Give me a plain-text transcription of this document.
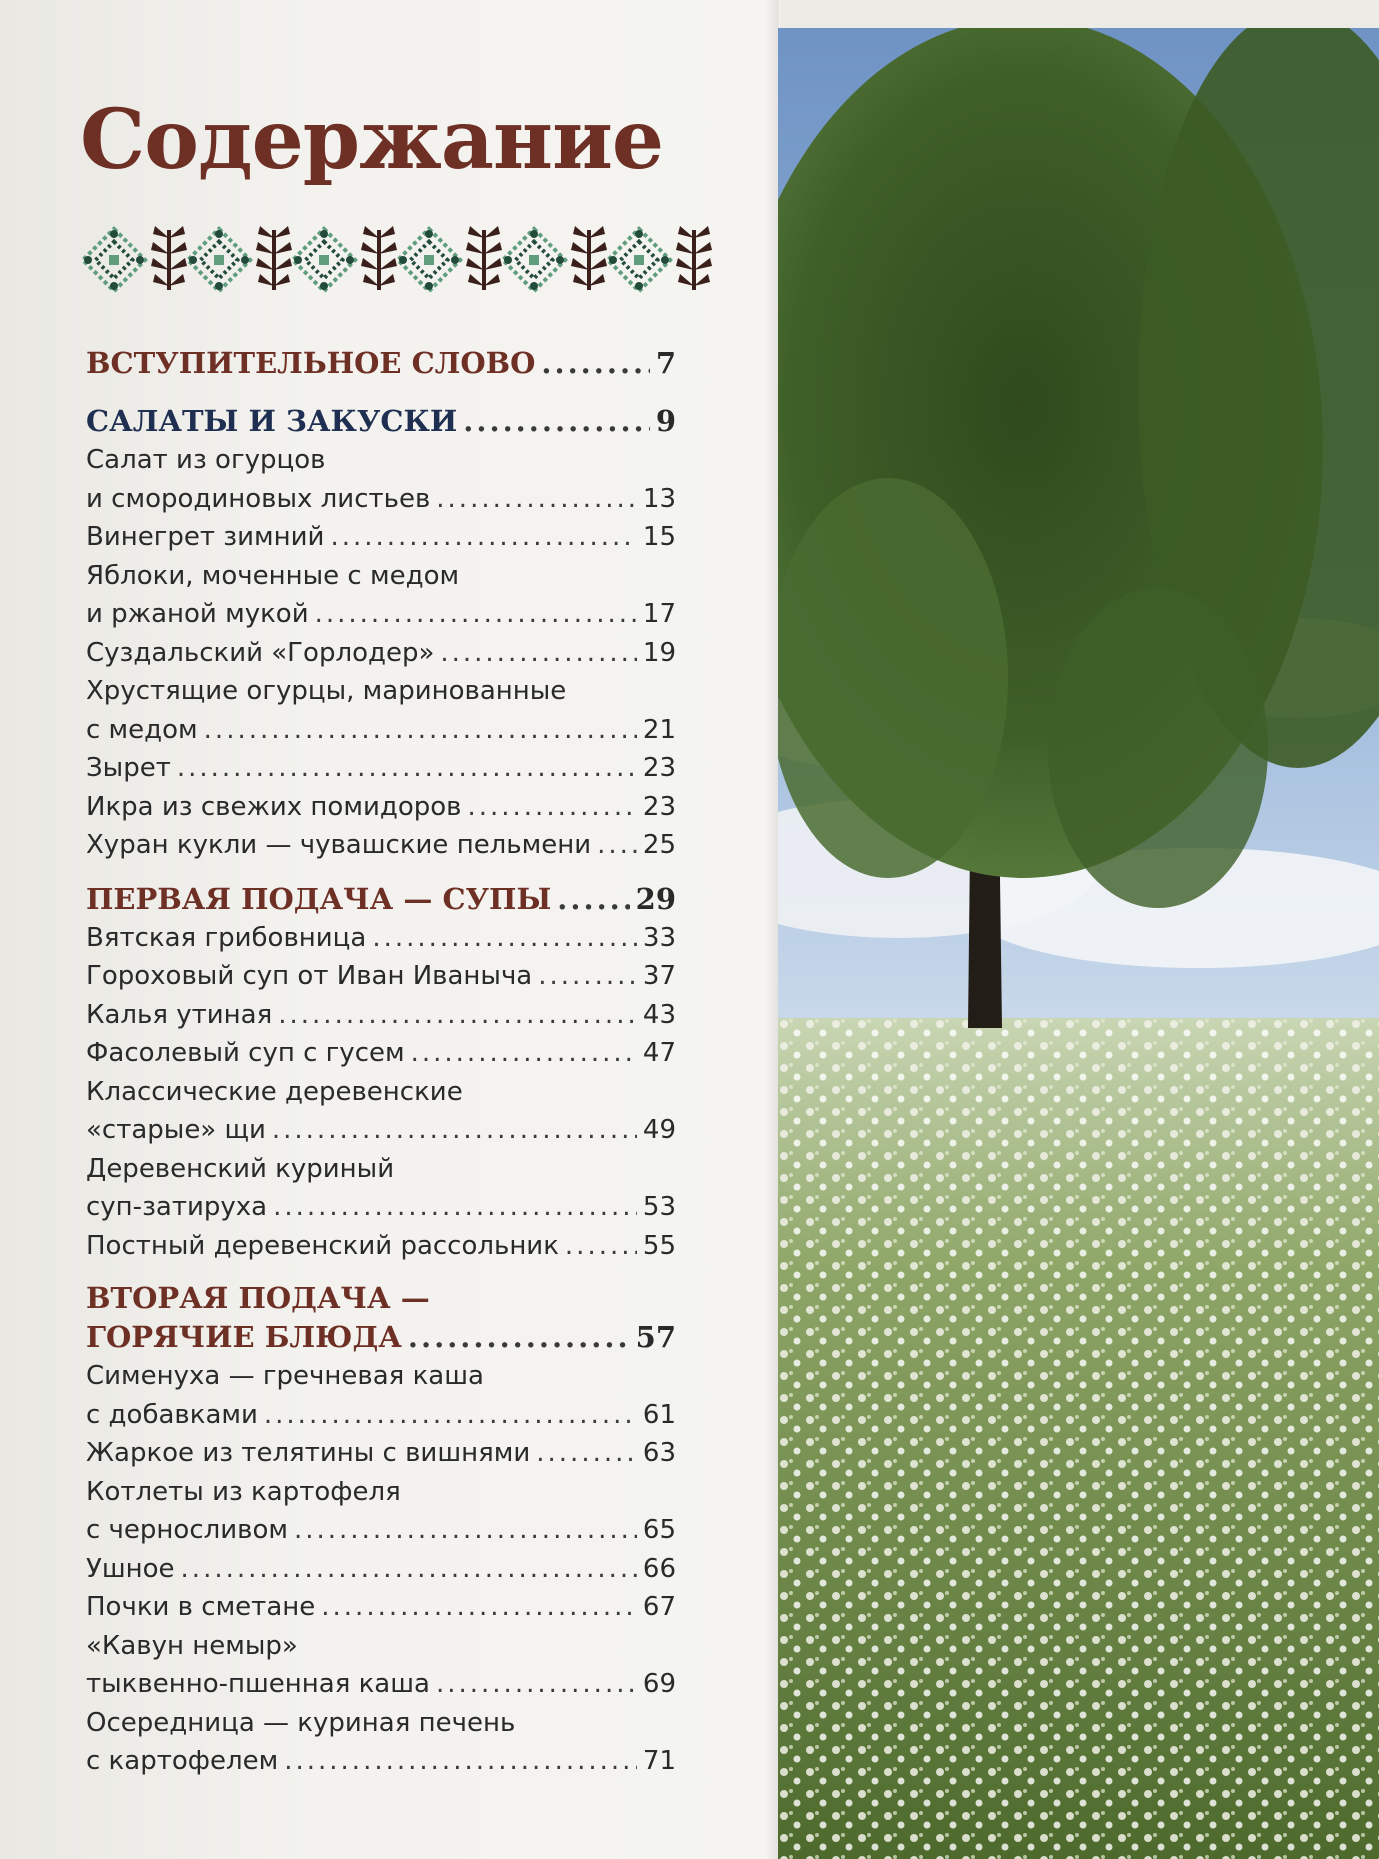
Содержание
ВСТУПИТЕЛЬНОЕ СЛОВО .....	7
САЛАТЫ И ЗАКУСКИ .....	9
Салат из огурцов
и смородиновых листьев .....	13
Винегрет зимний .....	15
Яблоки, моченные с медом
и ржаной мукой .....	17
Суздальский «Горлодер» .....	19
Хрустящие огурцы, маринованные
с медом .....	21
Зырет .....	23
Икра из свежих помидоров .....	23
Хуран кукли — чувашские пельмени ..... 25
ПЕРВАЯ ПОДАЧА — СУПЫ .....	29
Вятская грибовница .....	33
Гороховый суп от Иван Иваныча .....	37
Калья утиная .....	43
Фасолевый суп с гусем .....	47
Классические деревенские
«старые» щи .....	49
Деревенский куриный
суп-затируха .....	53
Постный деревенский рассольник .....	55
ВТОРАЯ ПОДАЧА —
ГОРЯЧИЕ БЛЮДА .....	57
Сименуха — гречневая каша
с добавками .....	61
Жаркое из телятины с вишнями .....	63
Котлеты из картофеля
с черносливом .....	65
Ушное .....	66
Почки в сметане .....	67
«Кавун немыр»
тыквенно-пшенная каша .....	69
Осередница — куриная печень
с картофелем .....	71
